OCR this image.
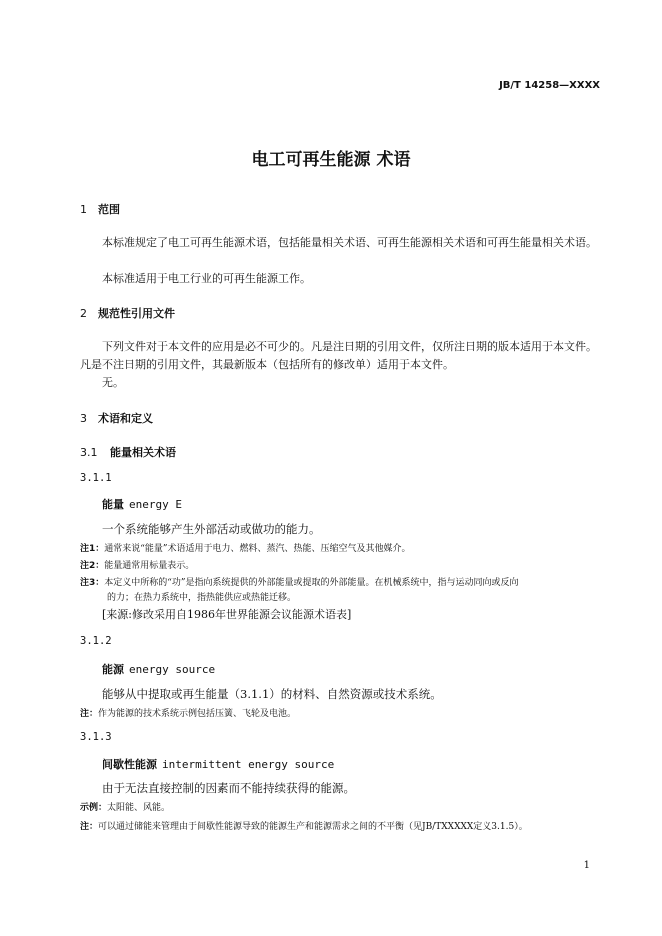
JB/T 14258—XXXX
电工可再生能源 术语
1 范围
本标准规定了电工可再生能源术语，包括能量相关术语、可再生能源相关术语和可再生能量相关术语。
本标准适用于电工行业的可再生能源工作。
2 规范性引用文件
下列文件对于本文件的应用是必不可少的。凡是注日期的引用文件，仅所注日期的版本适用于本文件。凡是不注日期的引用文件，其最新版本（包括所有的修改单）适用于本文件。
无。
3 术语和定义
3.1 能量相关术语
3.1.1
能量 energy E
一个系统能够产生外部活动或做功的能力。
注1：通常来说“能量”术语适用于电力、燃料、蒸汽、热能、压缩空气及其他媒介。
注2：能量通常用标量表示。
注3：本定义中所称的“功”是指向系统提供的外部能量或提取的外部能量。在机械系统中，指与运动同向或反向
的力；在热力系统中，指热能供应或热能迁移。
[来源:修改采用自1986年世界能源会议能源术语表]
3.1.2
能源 energy source
能够从中提取或再生能量（3.1.1）的材料、自然资源或技术系统。
注：作为能源的技术系统示例包括压簧、飞轮及电池。
3.1.3
间歇性能源 intermittent energy source
由于无法直接控制的因素而不能持续获得的能源。
示例：太阳能、风能。
注：可以通过储能来管理由于间歇性能源导致的能源生产和能源需求之间的不平衡（见JB/TXXXXX定义3.1.5）。
1
